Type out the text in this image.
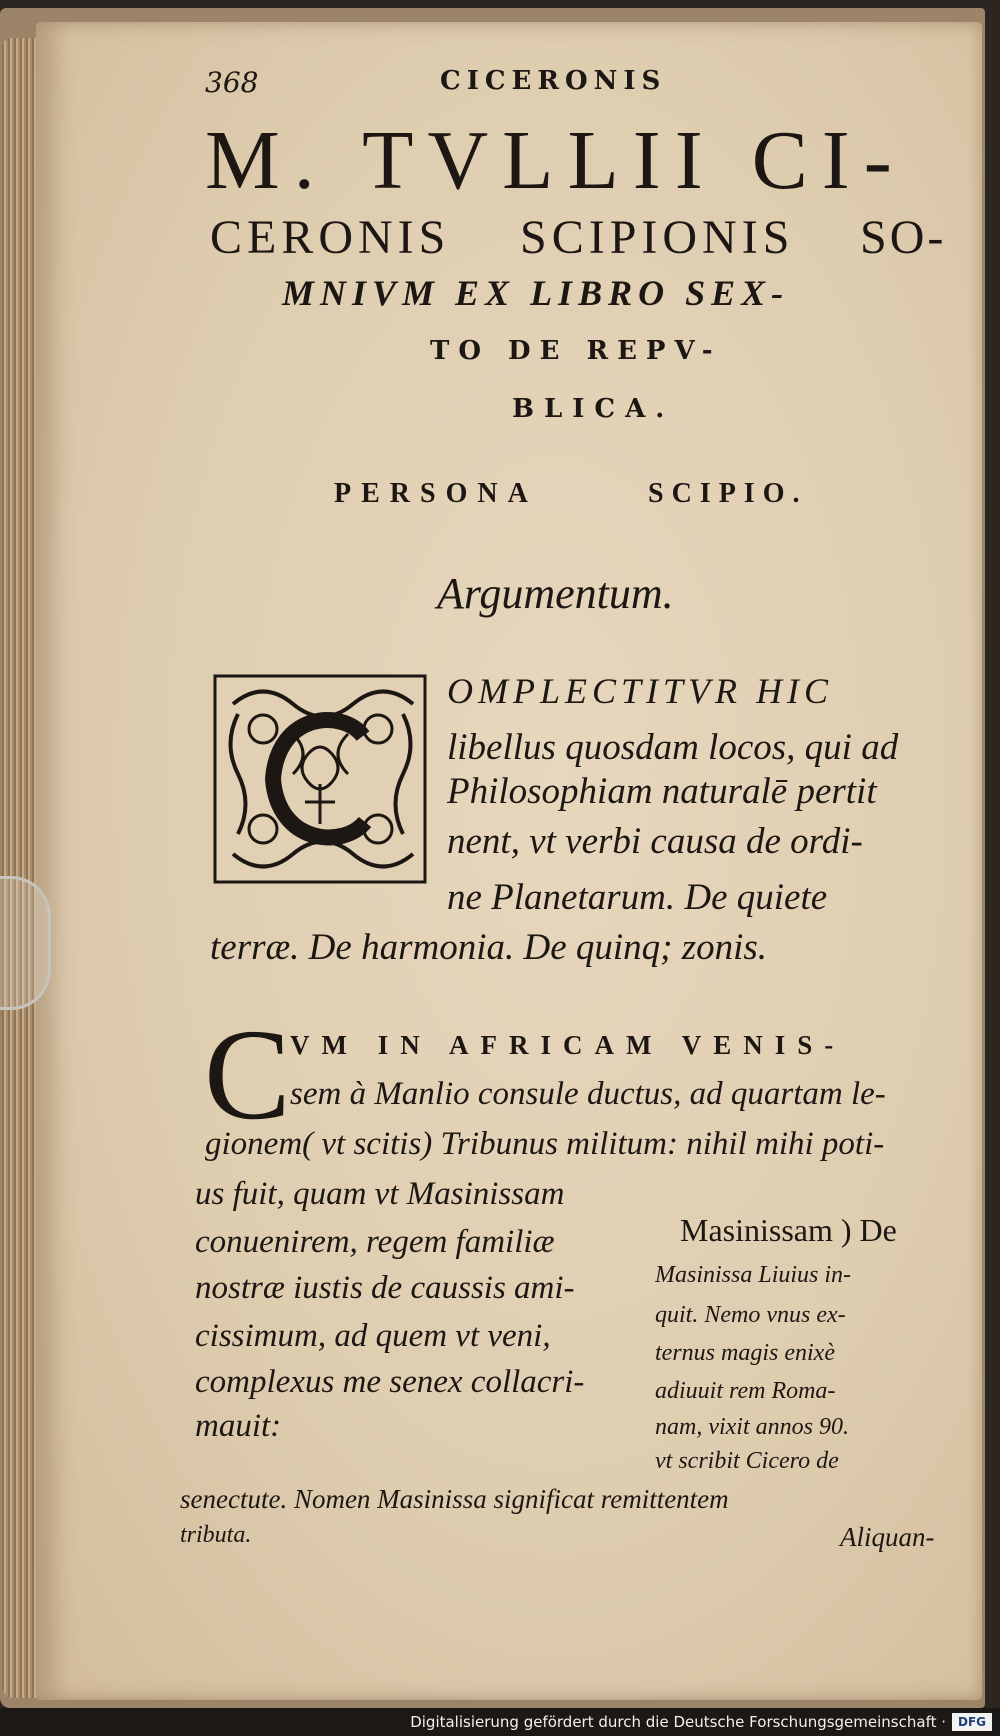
368	CICERONIS
M. TVLLII CI-
CERONIS SCIPIONIS SO-
MNIVM EX LIBRO SEX-
TO DE REPV-
BLICA.
PERSONA	SCIPIO.
Argumentum.
OMPLECTITVR HIC
libellus quosdam locos, qui ad
Philosophiam naturalē pertit
nent, vt verbi causa de ordi-
ne Planetarum. De quiete
terræ. De harmonia. De quinq; zonis.
C VM IN AFRICAM VENIS-
sem à Manlio consule ductus, ad quartam le-
gionem( vt scitis) Tribunus militum: nihil mihi poti-
us fuit, quam vt Masinissam
conuenirem, regem familiæ
nostræ iustis de caussis ami-
cissimum, ad quem vt veni,
complexus me senex collacri-
mauit:
Masinissam ) De
Masinissa Liuius in-
quit. Nemo vnus ex-
ternus magis enixè
adiuuit rem Roma-
nam, vixit annos 90.
vt scribit Cicero de
senectute. Nomen Masinissa significat remittentem
tributa.	Aliquan-
Digitalisierung gefördert durch die Deutsche Forschungsgemeinschaft · DFG
